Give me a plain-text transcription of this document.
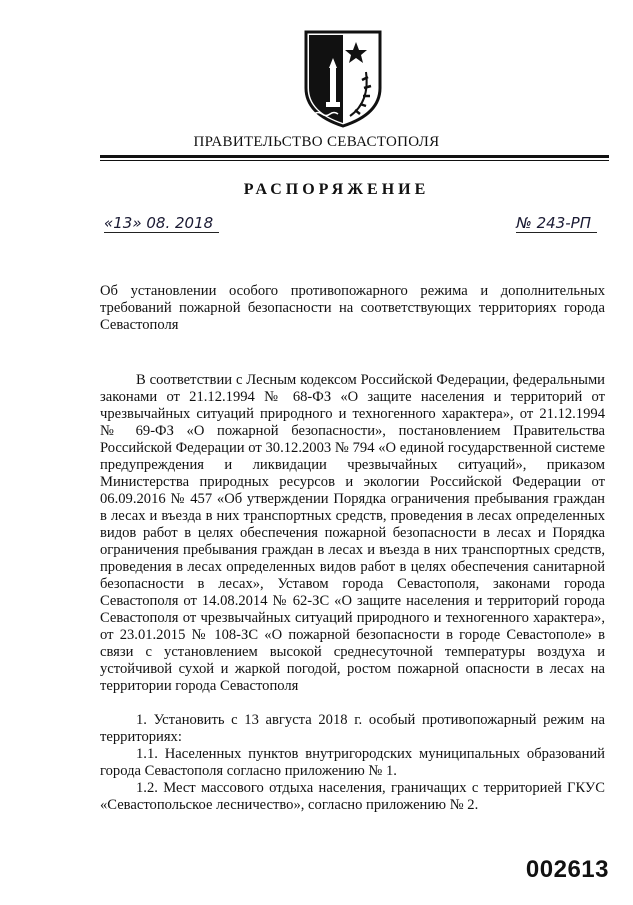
ПРАВИТЕЛЬСТВО СЕВАСТОПОЛЯ
РАСПОРЯЖЕНИЕ
«13» 08. 2018	№ 243-РП
Об установлении особого противопожарного режима и дополнительных требований пожарной безопасности на соответствующих территориях города Севастополя

В соответствии с Лесным кодексом Российской Федерации, федеральными законами от 21.12.1994 № 68-ФЗ «О защите населения и территорий от чрезвычайных ситуаций природного и техногенного характера», от 21.12.1994 № 69-ФЗ «О пожарной безопасности», постановлением Правительства Российской Федерации от 30.12.2003 № 794 «О единой государственной системе предупреждения и ликвидации чрезвычайных ситуаций», приказом Министерства природных ресурсов и экологии Российской Федерации от 06.09.2016 № 457 «Об утверждении Порядка ограничения пребывания граждан в лесах и въезда в них транспортных средств, проведения в лесах определенных видов работ в целях обеспечения пожарной безопасности в лесах и Порядка ограничения пребывания граждан в лесах и въезда в них транспортных средств, проведения в лесах определенных видов работ в целях обеспечения санитарной безопасности в лесах», Уставом города Севастополя, законами города Севастополя от 14.08.2014 № 62-ЗС «О защите населения и территорий города Севастополя от чрезвычайных ситуаций природного и техногенного характера», от 23.01.2015 № 108-ЗС «О пожарной безопасности в городе Севастополе» в связи с установлением высокой среднесуточной температуры воздуха и устойчивой сухой и жаркой погодой, ростом пожарной опасности в лесах на территории города Севастополя

1. Установить с 13 августа 2018 г. особый противопожарный режим на территориях:

1.1. Населенных пунктов внутригородских муниципальных образований города Севастополя согласно приложению № 1.

1.2. Мест массового отдыха населения, граничащих с территорией ГКУС «Севастопольское лесничество», согласно приложению № 2.

002613
